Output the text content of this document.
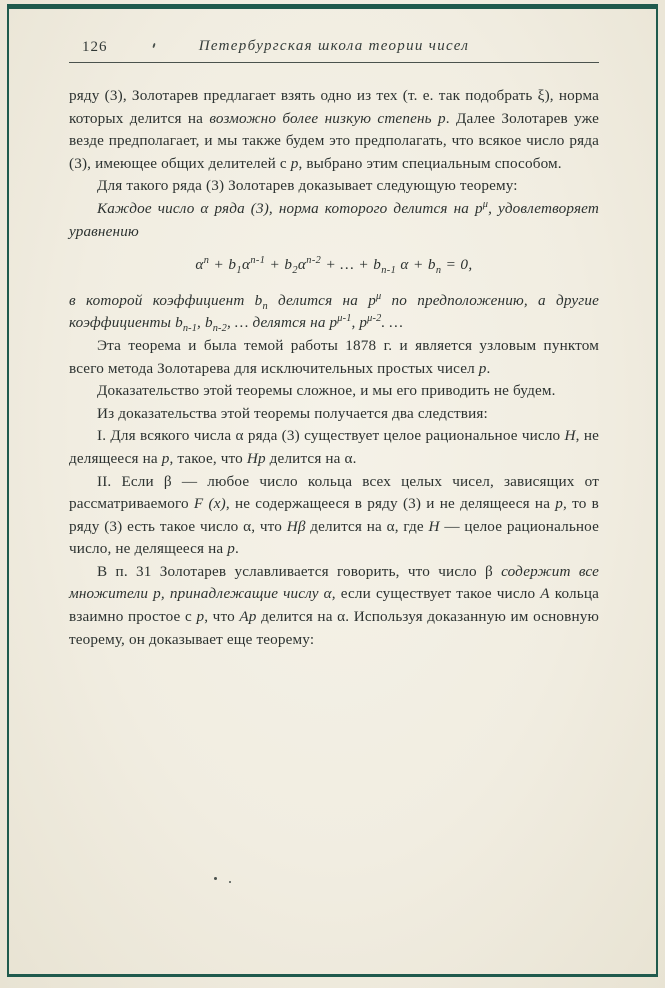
126	Петербургская школа теории чисел

ряду (3), Золотарев предлагает взять одно из тех (т. е. так подобрать ξ), норма которых делится на возможно более низкую степень p. Далее Золотарев уже везде предполагает, и мы также будем это предполагать, что всякое число ряда (3), имеющее общих делителей с p, выбрано этим специальным способом.

Для такого ряда (3) Золотарев доказывает следующую теорему:

Каждое число α ряда (3), норма которого делится на $p^\mu$, удовлетворяет уравнению

$\alpha^n + b_1\alpha^{n-1} + b_2\alpha^{n-2}$ + … + $b_{n-1}$ $\alpha + b_n = 0$,

в которой коэффициент $b_n$ делится на $p^\mu$ по предположению, а другие коэффициенты $b_{n-1}$, $b_{n-2}$, … делятся на $p^{\mu-1}$, $p^{\mu-2}$. …

Эта теорема и была темой работы 1878 г. и является узловым пунктом всего метода Золотарева для исключительных простых чисел p.

Доказательство этой теоремы сложное, и мы его приводить не будем.

Из доказательства этой теоремы получается два следствия:

I. Для всякого числа α ряда (3) существует целое рациональное число H, не делящееся на p, такое, что Hp делится на α.

II. Если β — любое число кольца всех целых чисел, зависящих от рассматриваемого F (x), не содержащееся в ряду (3) и не делящееся на p, то в ряду (3) есть такое число α, что Hβ делится на α, где H — целое рациональное число, не делящееся на p.

В п. 31 Золотарев уславливается говорить, что число β содержит все множители p, принадлежащие числу α, если существует такое число A кольца взаимно простое с p, что Ap делится на α. Используя доказанную им основную теорему, он доказывает еще теорему:
